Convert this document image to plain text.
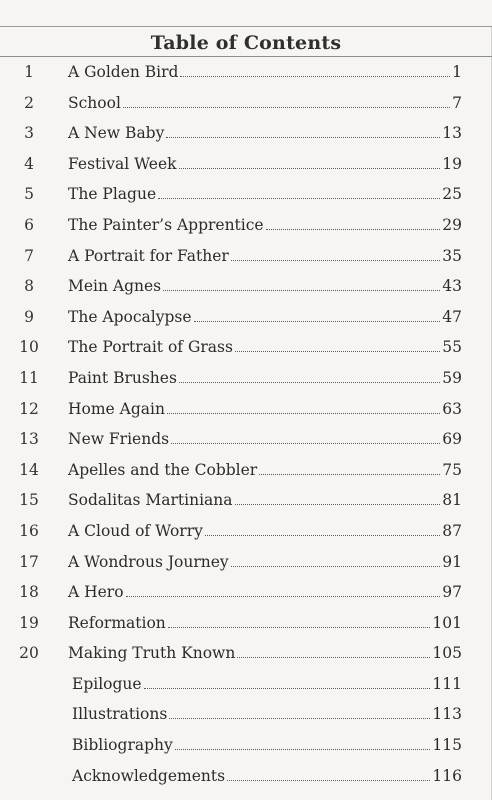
Table of Contents
1	A Golden Bird	1
2	School	7
3	A New Baby	13
4	Festival Week	19
5	The Plague	25
6	The Painter’s Apprentice	29
7	A Portrait for Father	35
8	Mein Agnes	43
9	The Apocalypse	47
10	The Portrait of Grass	55
11	Paint Brushes	59
12	Home Again	63
13	New Friends	69
14	Apelles and the Cobbler	75
15	Sodalitas Martiniana	81
16	A Cloud of Worry	87
17	A Wondrous Journey	91
18	A Hero	97
19	Reformation	101
20	Making Truth Known	105
Epilogue	111
Illustrations	113
Bibliography	115
Acknowledgements	116
